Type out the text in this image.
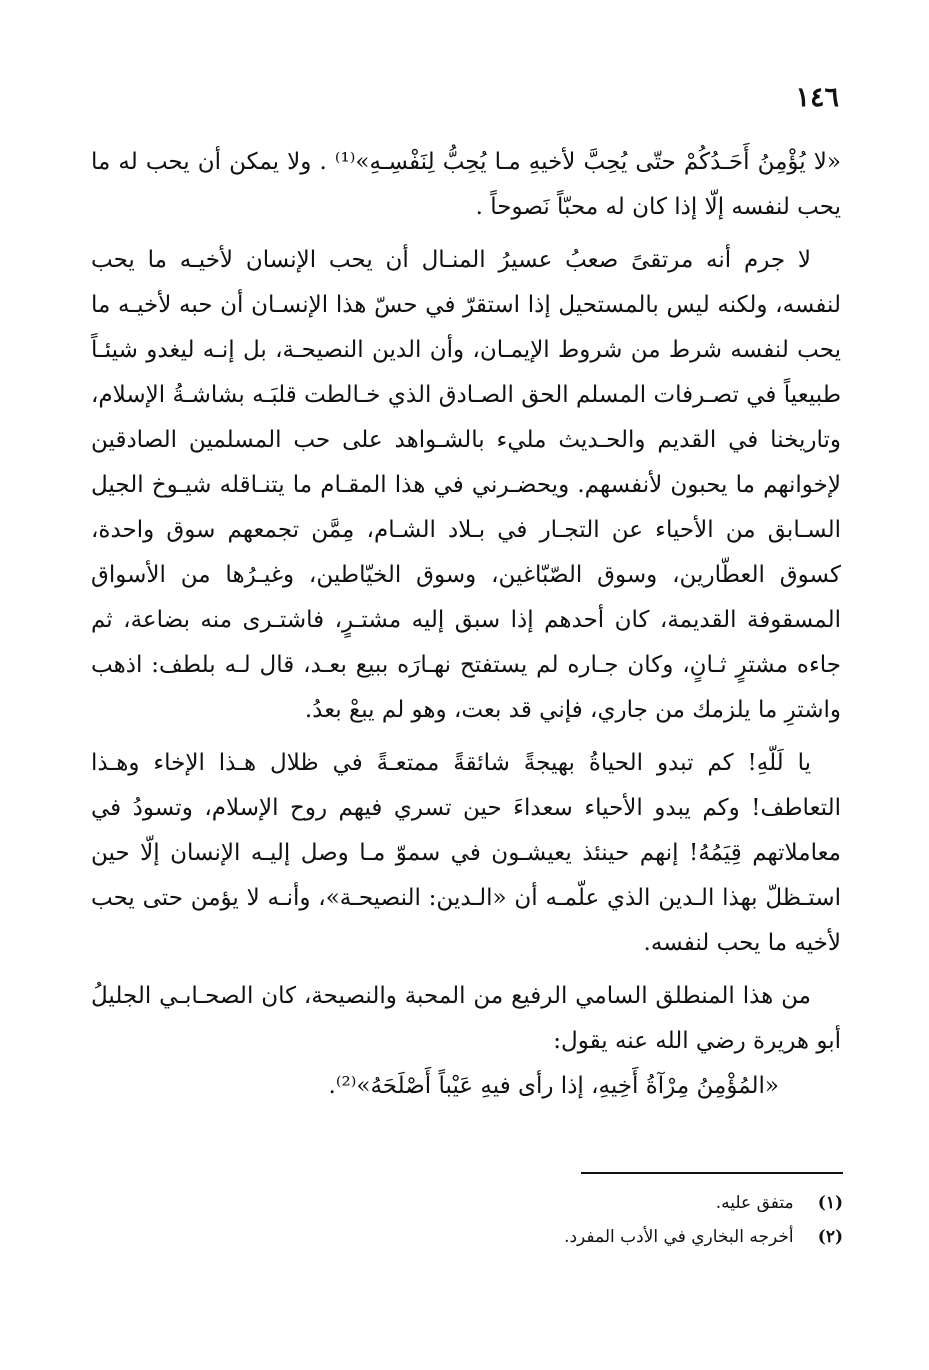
١٤٦

«لا يُؤْمِنُ أَحَـدُكُمْ حتّى يُحِبَّ لأخيهِ مـا يُحِبُّ لِنَفْسِـهِ»⁽¹⁾ . ولا يمكن أن يحب له ما يحب لنفسه إلّا إذا كان له محبّاً نَصوحاً .

لا جرم أنه مرتقىً صعبُ عسيرُ المنـال أن يحب الإنسان لأخيـه ما يحب لنفسه، ولكنه ليس بالمستحيل إذا استقرّ في حسّ هذا الإنسـان أن حبه لأخيـه ما يحب لنفسه شرط من شروط الإيمـان، وأن الدين النصيحـة، بل إنـه ليغدو شيئـاً طبيعياً في تصـرفات المسلم الحق الصـادق الذي خـالطت قلبَـه بشاشـةُ الإسلام، وتاريخنا في القديم والحـديث مليء بالشـواهد على حب المسلمين الصادقين لإخوانهم ما يحبون لأنفسهم. ويحضـرني في هذا المقـام ما يتنـاقله شيـوخ الجيل السـابق من الأحياء عن التجـار في بـلاد الشـام، مِمَّن تجمعهم سوق واحدة، كسوق العطّارين، وسوق الصّبّاغين، وسوق الخيّاطين، وغيـرُها من الأسواق المسقوفة القديمة، كان أحدهم إذا سبق إليه مشتـرٍ، فاشتـرى منه بضاعة، ثم جاءه مشترٍ ثـانٍ، وكان جـاره لم يستفتح نهـارَه ببيع بعـد، قال لـه بلطف: اذهب واشترِ ما يلزمك من جاري، فإني قد بعت، وهو لم يبعْ بعدُ.

يا لَلّهِ! كم تبدو الحياةُ بهيجةً شائقةً ممتعـةً في ظلال هـذا الإخاء وهـذا التعاطف! وكم يبدو الأحياء سعداءَ حين تسري فيهم روح الإسلام، وتسودُ في معاملاتهم قِيَمُهُ! إنهم حينئذ يعيشـون في سموّ مـا وصل إليـه الإنسان إلّا حين استـظلّ بهذا الـدين الذي علّمـه أن «الـدين: النصيحـة»، وأنـه لا يؤمن حتى يحب لأخيه ما يحب لنفسه.

من هذا المنطلق السامي الرفيع من المحبة والنصيحة، كان الصحـابـي الجليلُ أبو هريرة رضي الله عنه يقول:

«المُؤْمِنُ مِرْآةُ أَخِيهِ، إذا رأى فيهِ عَيْباً أَصْلَحَهُ»⁽²⁾.

(١) متفق عليه.
(٢) أخرجه البخاري في الأدب المفرد.
